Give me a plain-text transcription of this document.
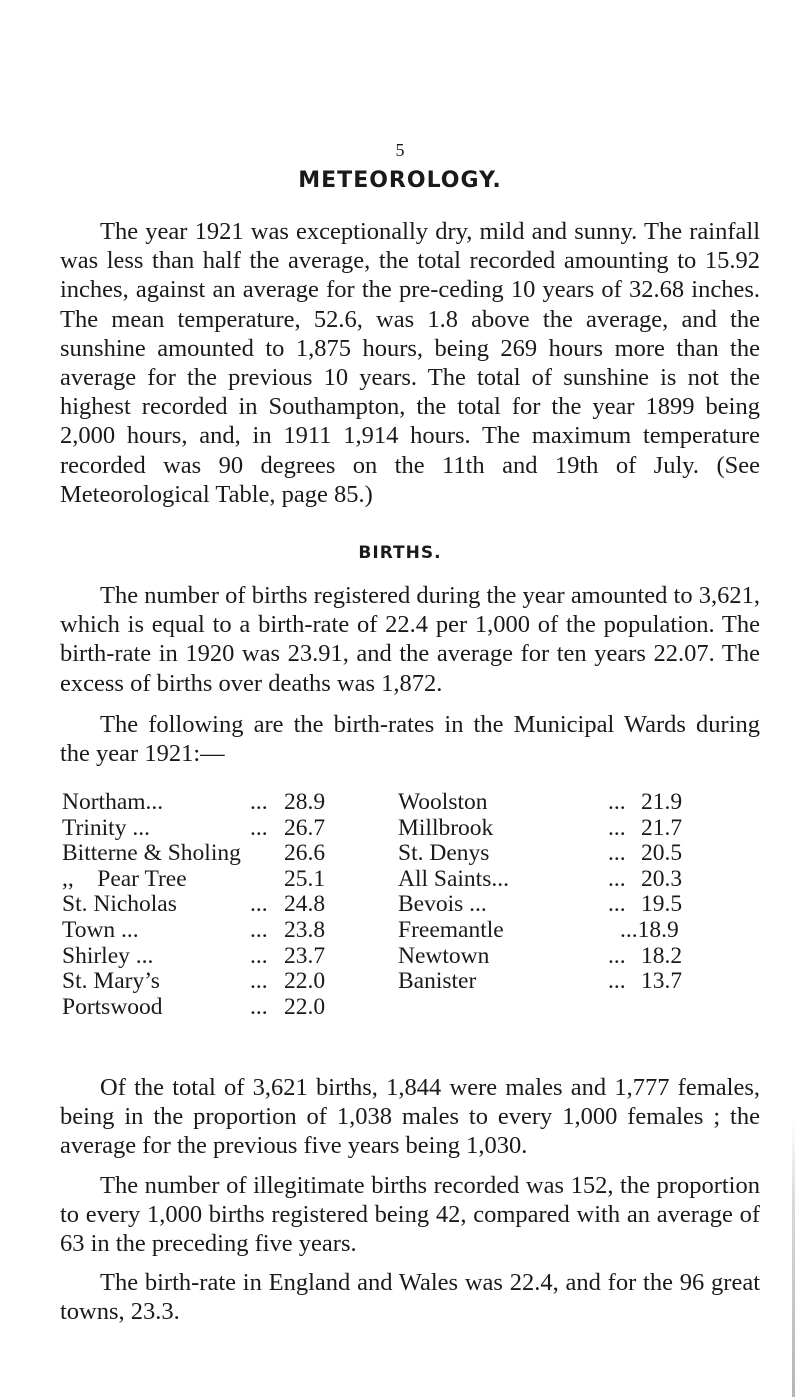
5
METEOROLOGY.

The year 1921 was exceptionally dry, mild and sunny. The rainfall was less than half the average, the total recorded amounting to 15.92 inches, against an average for the pre-ceding 10 years of 32.68 inches. The mean temperature, 52.6, was 1.8 above the average, and the sunshine amounted to 1,875 hours, being 269 hours more than the average for the previous 10 years. The total of sunshine is not the highest recorded in Southampton, the total for the year 1899 being 2,000 hours, and, in 1911 1,914 hours. The maximum temperature recorded was 90 degrees on the 11th and 19th of July. (See Meteorological Table, page 85.)

BIRTHS.

The number of births registered during the year amounted to 3,621, which is equal to a birth-rate of 22.4 per 1,000 of the population. The birth-rate in 1920 was 23.91, and the average for ten years 22.07. The excess of births over deaths was 1,872.

The following are the birth-rates in the Municipal Wards during the year 1921:—

Northam...	... 28.9
Trinity ...	... 26.7
Bitterne & Sholing 26.6
,,    Pear Tree	25.1
St. Nicholas	... 24.8
Town ...	... 23.8
Shirley ...	... 23.7
St. Mary’s	... 22.0
Portswood	... 22.0
Woolston	... 21.9
Millbrook	... 21.7
St. Denys	... 20.5
All Saints...	... 20.3
Bevois ...	... 19.5
Freemantle	...18.9
Newtown	... 18.2
Banister	... 13.7

Of the total of 3,621 births, 1,844 were males and 1,777 females, being in the proportion of 1,038 males to every 1,000 females ; the average for the previous five years being 1,030.

The number of illegitimate births recorded was 152, the proportion to every 1,000 births registered being 42, compared with an average of 63 in the preceding five years.

The birth-rate in England and Wales was 22.4, and for the 96 great towns, 23.3.
